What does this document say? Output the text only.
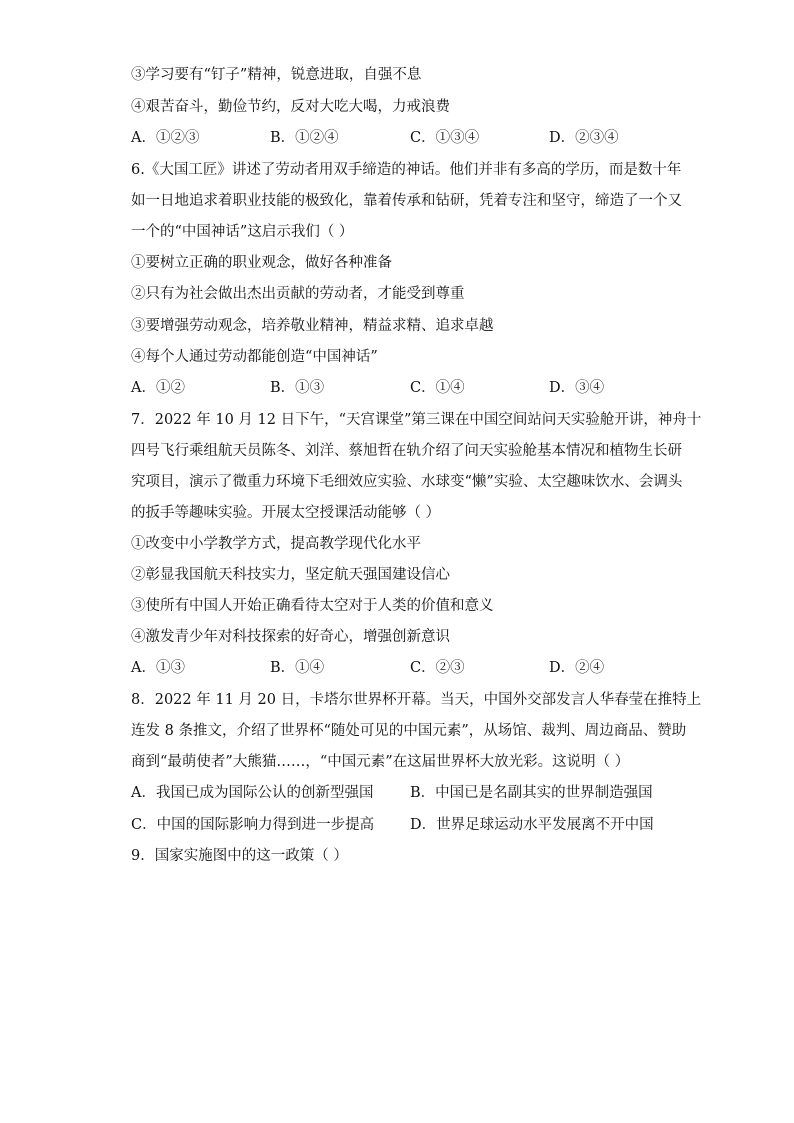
③学习要有“钉子”精神，锐意进取，自强不息
④艰苦奋斗，勤俭节约，反对大吃大喝，力戒浪费
A．①②③	B．①②④	C．①③④	D．②③④
6.《大国工匠》讲述了劳动者用双手缔造的神话。他们并非有多高的学历，而是数十年
如一日地追求着职业技能的极致化，靠着传承和钻研，凭着专注和坚守，缔造了一个又
一个的“中国神话”这启示我们（ ）
①要树立正确的职业观念，做好各种准备
②只有为社会做出杰出贡献的劳动者，才能受到尊重
③要增强劳动观念，培养敬业精神，精益求精、追求卓越
④每个人通过劳动都能创造“中国神话”
A．①②	B．①③	C．①④	D．③④
7．2022 年 10 月 12 日下午，“天宫课堂”第三课在中国空间站问天实验舱开讲，神舟十
四号飞行乘组航天员陈冬、刘洋、蔡旭哲在轨介绍了问天实验舱基本情况和植物生长研
究项目，演示了微重力环境下毛细效应实验、水球变“懒”实验、太空趣味饮水、会调头
的扳手等趣味实验。开展太空授课活动能够（ ）
①改变中小学教学方式，提高教学现代化水平
②彰显我国航天科技实力，坚定航天强国建设信心
③使所有中国人开始正确看待太空对于人类的价值和意义
④激发青少年对科技探索的好奇心，增强创新意识
A．①③	B．①④	C．②③	D．②④
8．2022 年 11 月 20 日，卡塔尔世界杯开幕。当天，中国外交部发言人华春莹在推特上
连发 8 条推文，介绍了世界杯“随处可见的中国元素”，从场馆、裁判、周边商品、赞助
商到“最萌使者”大熊猫……，“中国元素”在这届世界杯大放光彩。这说明（ ）
A．我国已成为国际公认的创新型强国	B．中国已是名副其实的世界制造强国
C．中国的国际影响力得到进一步提高 D．世界足球运动水平发展离不开中国
9．国家实施图中的这一政策（ ）
